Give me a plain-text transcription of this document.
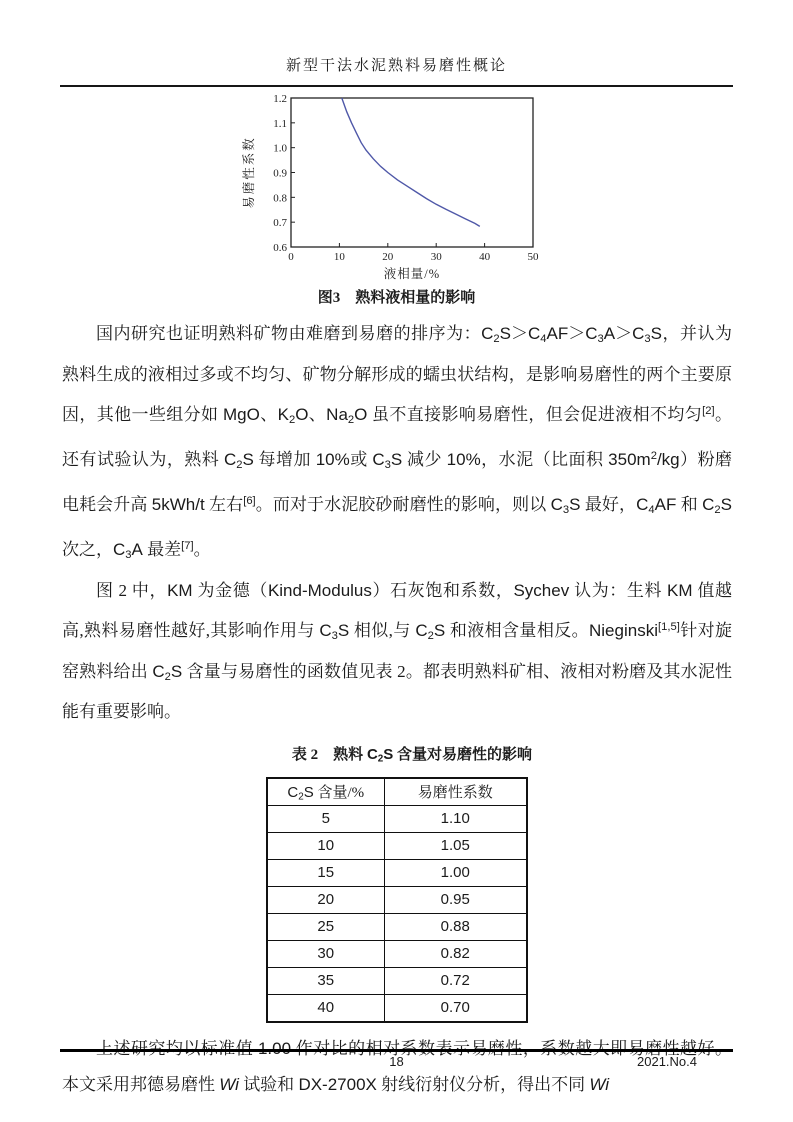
新型干法水泥熟料易磨性概论
0	10	20	30	40	50
0.6
0.7
0.8
0.9
1.0
1.1
1.2
液相量/%
易磨性系数
图3　熟料液相量的影响

国内研究也证明熟料矿物由难磨到易磨的排序为：$C_2S>C_4AF>C_3A>C_3S$，并认为熟料生成的液相过多或不均匀、矿物分解形成的蠕虫状结构，是影响易磨性的两个主要原因，其他一些组分如 MgO、$K_2O$、$Na_2O$ 虽不直接影响易磨性，但会促进液相不均匀[2]。还有试验认为，熟料 $C_2S$ 每增加 10%或 $C_3S$ 减少 10%，水泥（比面积 $350m^2/kg$）粉磨电耗会升高 5kWh/t 左右[6]。而对于水泥胶砂耐磨性的影响，则以 $C_3S$ 最好，$C_4AF$ 和 $C_2S$ 次之，$C_3A$ 最差[7]。

图 2 中，KM 为金德（Kind-Modulus）石灰饱和系数，Sychev 认为：生料 KM 值越高,熟料易磨性越好,其影响作用与 $C_3S$ 相似,与 $C_2S$ 和液相含量相反。Nieginski[1,5]针对旋窑熟料给出 $C_2S$ 含量与易磨性的函数值见表 2。都表明熟料矿相、液相对粉磨及其水泥性能有重要影响。

表 2　熟料 $C_2S$ 含量对易磨性的影响

$C_2S$ 含量/%	易磨性系数
5	1.10
10	1.05
15	1.00
20	0.95
25	0.88
30	0.82
35	0.72
40	0.70

上述研究均以标准值 1.00 作对比的相对系数表示易磨性，系数越大即易磨性越好。本文采用邦德易磨性 Wi 试验和 DX-2700X 射线衍射仪分析，得出不同 Wi

18	2021.No.4
